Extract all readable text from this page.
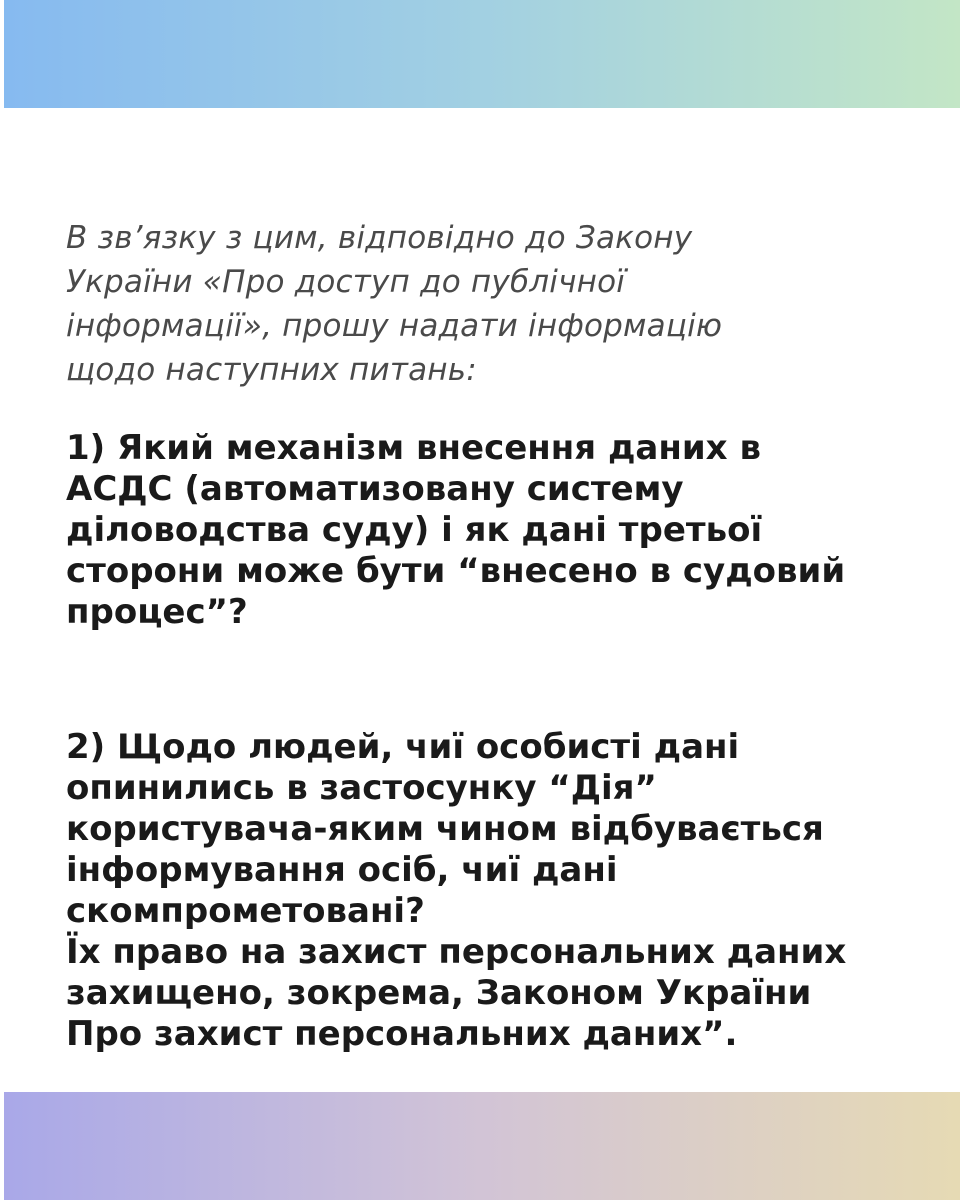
В зв’язку з цим, відповідно до Закону
України «Про доступ до публічної
інформації», прошу надати інформацію
щодо наступних питань:

1) Який механізм внесення даних в
АСДС (автоматизовану систему
діловодства суду) і як дані третьої
сторони може бути “внесено в судовий
процес”?

2) Щодо людей, чиї особисті дані
опинились в застосунку “Дія”
користувача-яким чином відбувається
інформування осіб, чиї дані
скомпрометовані?
Їх право на захист персональних даних
захищено, зокрема, Законом України
Про захист персональних даних”.
